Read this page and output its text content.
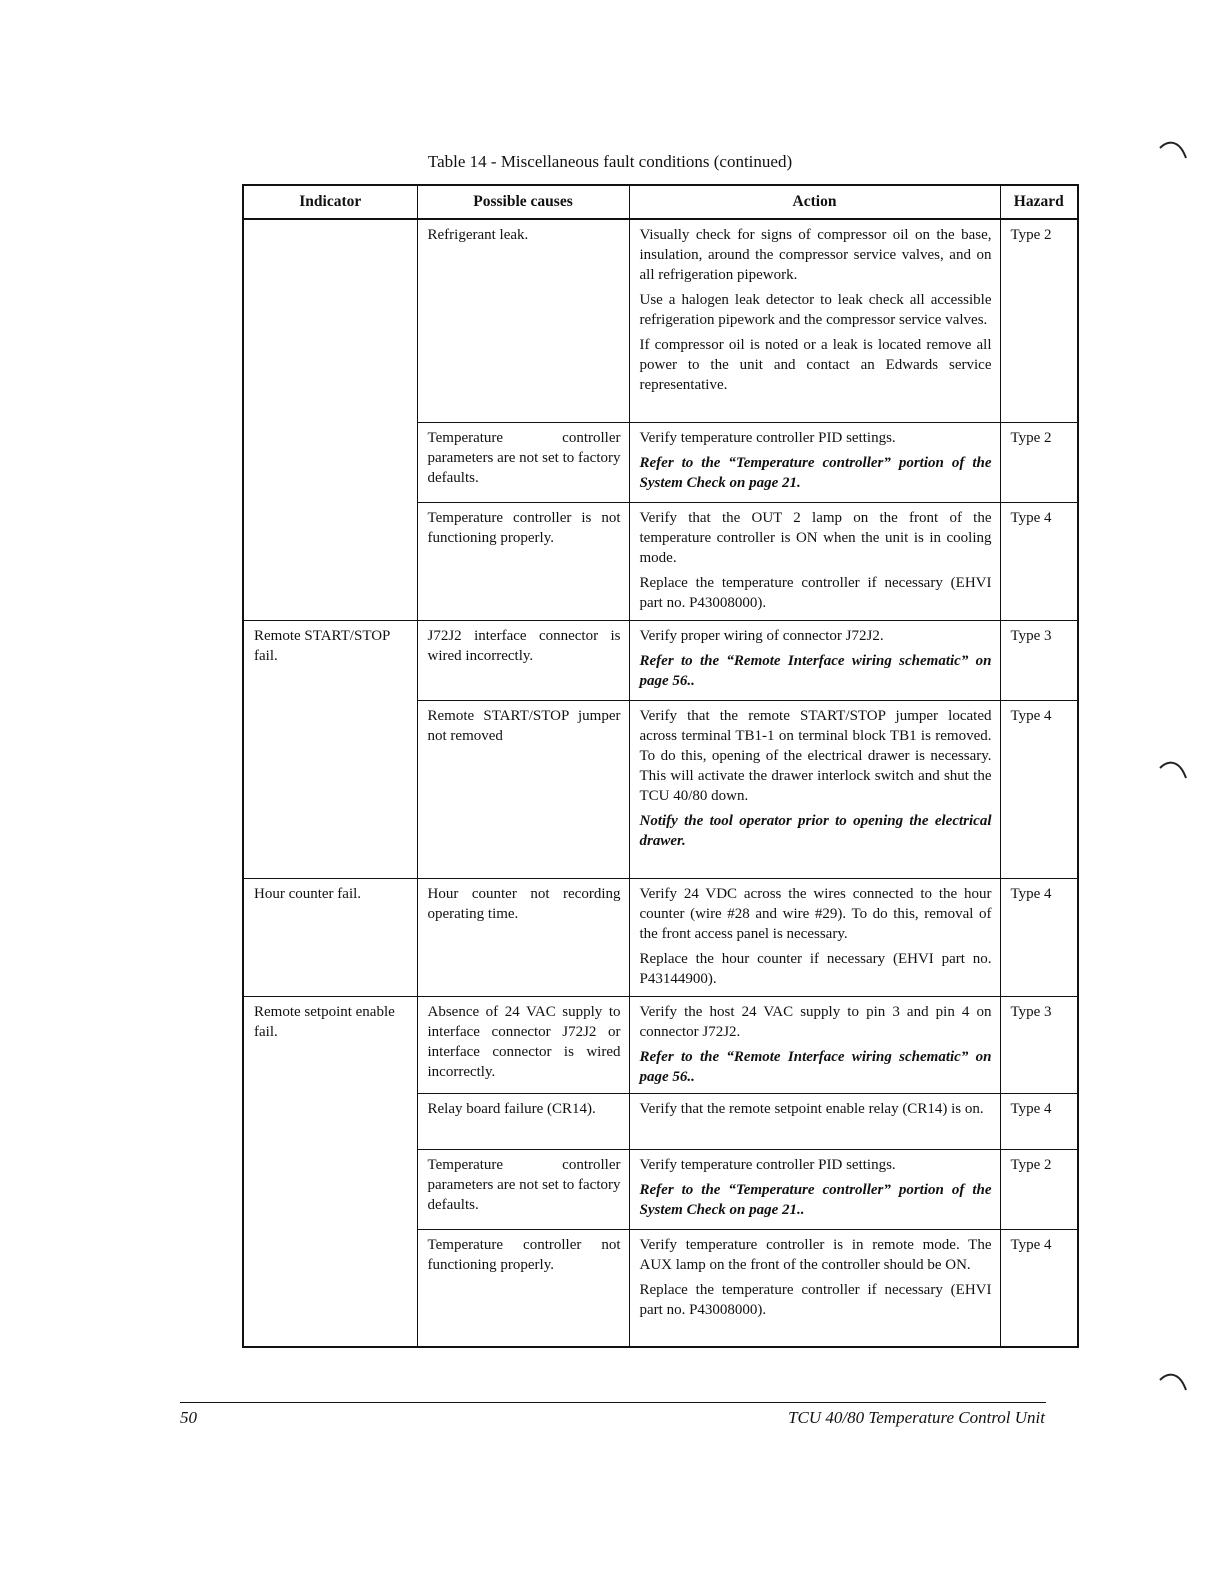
Table 14 - Miscellaneous fault conditions (continued)
Indicator	Possible causes	Action	Hazard
	Refrigerant leak.	Visually check for signs of compressor oil on the base, insulation, around the compressor service valves, and on all refrigeration pipework.

Use a halogen leak detector to leak check all accessible refrigeration pipework and the compressor service valves.

If compressor oil is noted or a leak is located remove all power to the unit and contact an Edwards service representative.	Type 2
	Temperature controller parameters are not set to factory defaults.	Verify temperature controller PID settings.

Refer to the “Temperature controller” portion of the System Check on page 21.	Type 2
	Temperature controller is not functioning properly.	Verify that the OUT 2 lamp on the front of the temperature controller is ON when the unit is in cooling mode.

Replace the temperature controller if necessary (EHVI part no. P43008000).	Type 4
Remote START/STOP fail.	J72J2 interface connector is wired incorrectly.	Verify proper wiring of connector J72J2.

Refer to the “Remote Interface wiring schematic” on page 56..	Type 3
	Remote START/STOP jumper not removed	Verify that the remote START/STOP jumper located across terminal TB1-1 on terminal block TB1 is removed. To do this, opening of the electrical drawer is necessary. This will activate the drawer interlock switch and shut the TCU 40/80 down.

Notify the tool operator prior to opening the electrical drawer.	Type 4
Hour counter fail.	Hour counter not recording operating time.	Verify 24 VDC across the wires connected to the hour counter (wire #28 and wire #29). To do this, removal of the front access panel is necessary.

Replace the hour counter if necessary (EHVI part no. P43144900).	Type 4
Remote setpoint enable fail.	Absence of 24 VAC supply to interface connector J72J2 or interface connector is wired incorrectly.	Verify the host 24 VAC supply to pin 3 and pin 4 on connector J72J2.

Refer to the “Remote Interface wiring schematic” on page 56..	Type 3
	Relay board failure (CR14).	Verify that the remote setpoint enable relay (CR14) is on.	Type 4
	Temperature controller parameters are not set to factory defaults.	Verify temperature controller PID settings.

Refer to the “Temperature controller” portion of the System Check on page 21..	Type 2
	Temperature controller not functioning properly.	Verify temperature controller is in remote mode. The AUX lamp on the front of the controller should be ON.

Replace the temperature controller if necessary (EHVI part no. P43008000).	Type 4
50	TCU 40/80 Temperature Control Unit
